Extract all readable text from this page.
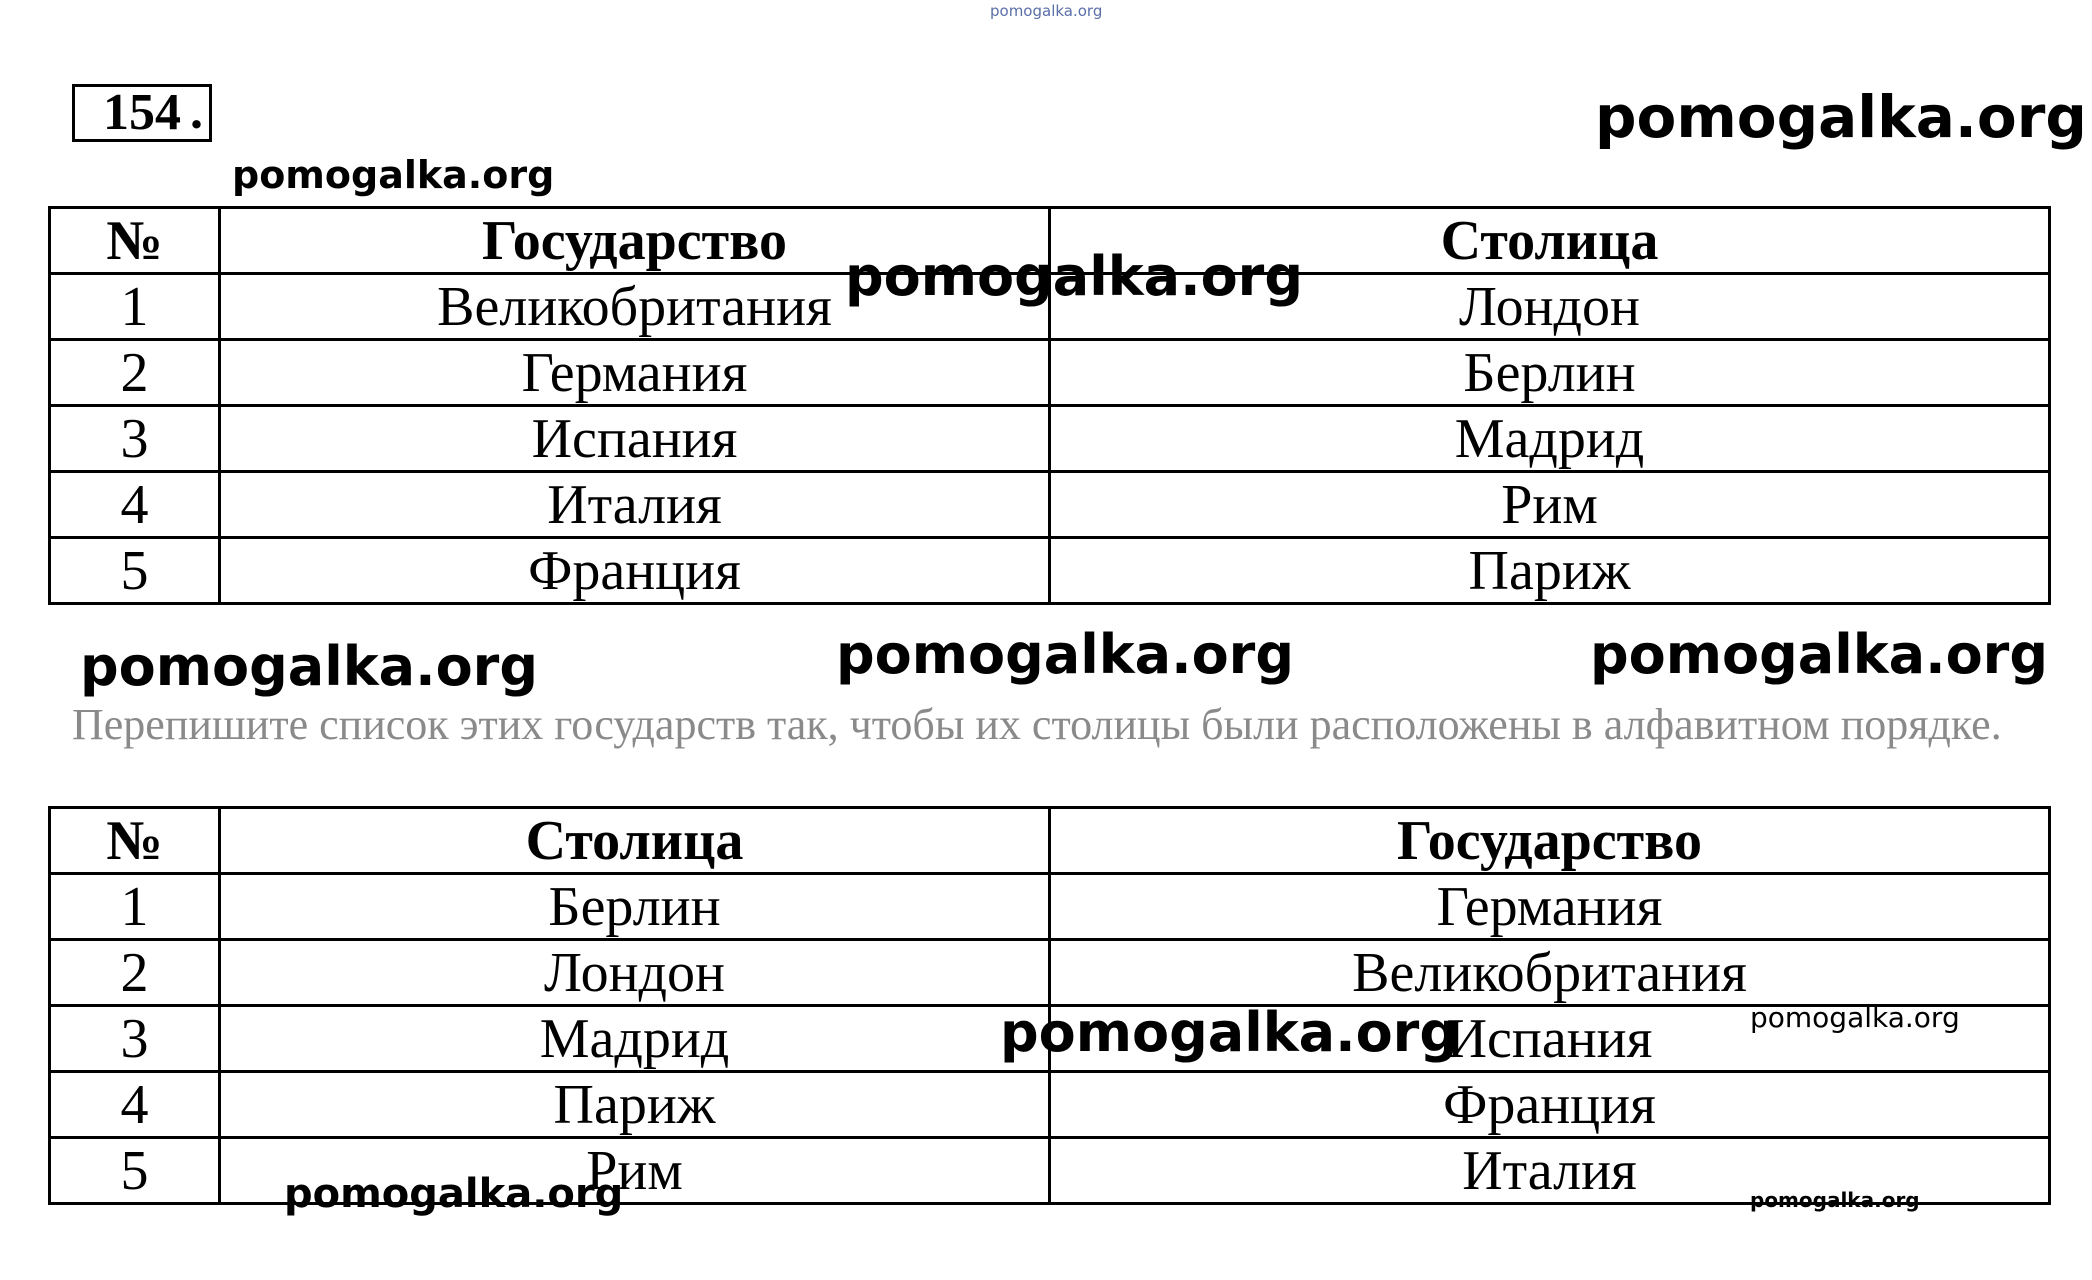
pomogalka.org
154 .	pomogalka.org
pomogalka.org
№	Государство	Столица
1	Великобритания	Лондон
2	Германия	Берлин
3	Испания	Мадрид
4	Италия	Рим
5	Франция	Париж
pomogalka.org
pomogalka.org	pomogalka.org	pomogalka.org
Перепишите список этих государств так, чтобы их столицы были расположены в алфавитном порядке.
№	Столица	Государство
1	Берлин	Германия
2	Лондон	Великобритания
3	Мадрид	Испания
4	Париж	Франция
5	Рим	Италия
pomogalka.org	pomogalka.org
pomogalka.org	pomogalka.org
